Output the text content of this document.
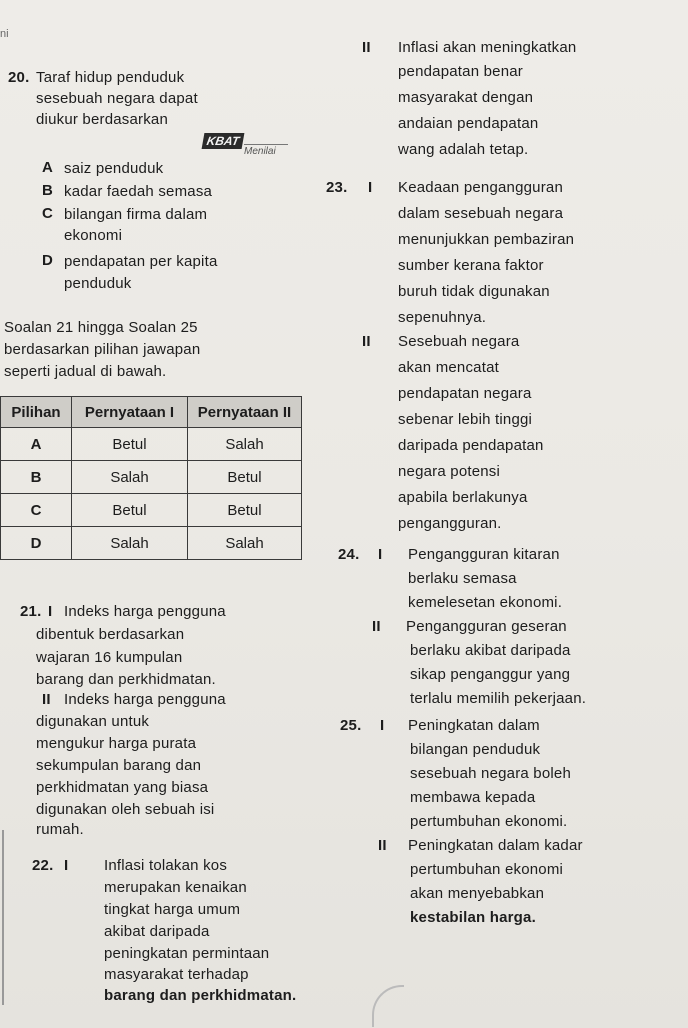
ni
20. Taraf hidup penduduk
sesebuah negara dapat
diukur berdasarkan
KBAT
Menilai
A saiz penduduk
B kadar faedah semasa
C bilangan firma dalam
ekonomi
D pendapatan per kapita
penduduk
Soalan 21 hingga Soalan 25
berdasarkan pilihan jawapan
seperti jadual di bawah.
Pilihan	Pernyataan I	Pernyataan II
A	Betul	Salah
B	Salah	Betul
C	Betul	Betul
D	Salah	Salah
21. I Indeks harga pengguna
dibentuk berdasarkan
wajaran 16 kumpulan
barang dan perkhidmatan.
II Indeks harga pengguna
digunakan untuk
mengukur harga purata
sekumpulan barang dan
perkhidmatan yang biasa
digunakan oleh sebuah isi
rumah.
22. I Inflasi tolakan kos
merupakan kenaikan
tingkat harga umum
akibat daripada
peningkatan permintaan
masyarakat terhadap
barang dan perkhidmatan.
II Inflasi akan meningkatkan
pendapatan benar
masyarakat dengan
andaian pendapatan
wang adalah tetap.
23. I Keadaan pengangguran
dalam sesebuah negara
menunjukkan pembaziran
sumber kerana faktor
buruh tidak digunakan
sepenuhnya.
II Sesebuah negara
akan mencatat
pendapatan negara
sebenar lebih tinggi
daripada pendapatan
negara potensi
apabila berlakunya
pengangguran.
24. I Pengangguran kitaran
berlaku semasa
kemelesetan ekonomi.
II Pengangguran geseran
berlaku akibat daripada
sikap penganggur yang
terlalu memilih pekerjaan.
25. I Peningkatan dalam
bilangan penduduk
sesebuah negara boleh
membawa kepada
pertumbuhan ekonomi.
II Peningkatan dalam kadar
pertumbuhan ekonomi
akan menyebabkan
kestabilan harga.
